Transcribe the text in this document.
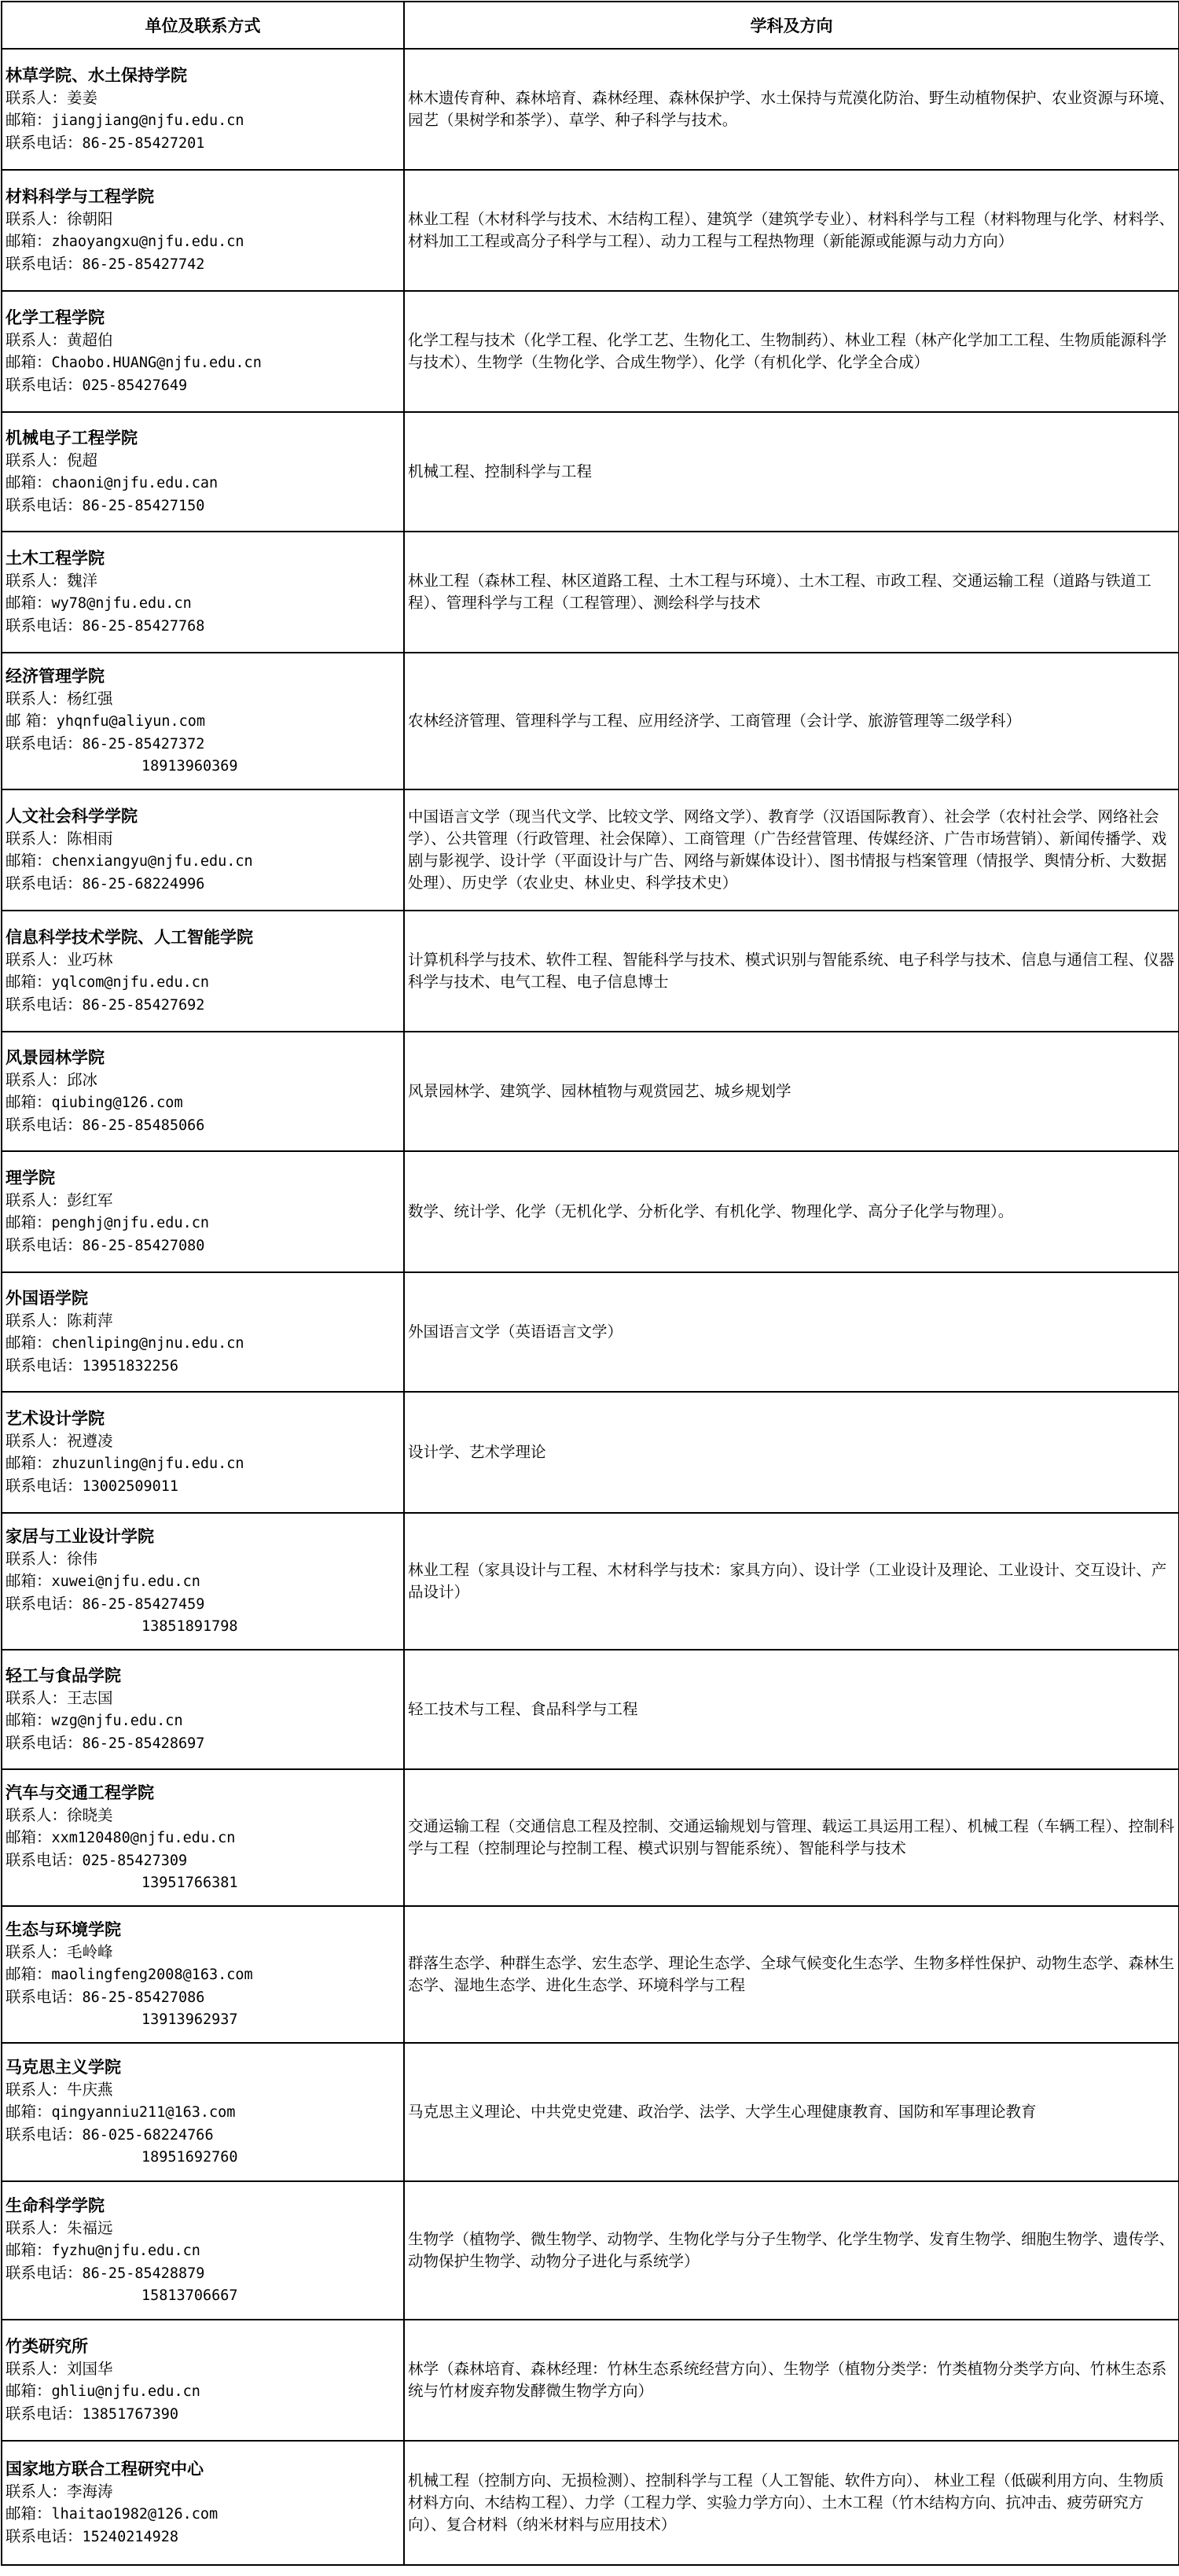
单位及联系方式	学科及方向

林草学院、水土保持学院
联系人：姜姜
邮箱：jiangjiang@njfu.edu.cn
联系电话：86-25-85427201	林木遗传育种、森林培育、森林经理、森林保护学、水土保持与荒漠化防治、野生动植物保护、农业资源与环境、园艺（果树学和茶学）、草学、种子科学与技术。

材料科学与工程学院
联系人：徐朝阳
邮箱：zhaoyangxu@njfu.edu.cn
联系电话：86-25-85427742	林业工程（木材科学与技术、木结构工程）、建筑学（建筑学专业）、材料科学与工程（材料物理与化学、材料学、材料加工工程或高分子科学与工程）、动力工程与工程热物理（新能源或能源与动力方向）

化学工程学院
联系人：黄超伯
邮箱：Chaobo.HUANG@njfu.edu.cn
联系电话：025-85427649	化学工程与技术（化学工程、化学工艺、生物化工、生物制药）、林业工程（林产化学加工工程、生物质能源科学与技术）、生物学（生物化学、合成生物学）、化学（有机化学、化学全合成）

机械电子工程学院
联系人：倪超
邮箱：chaoni@njfu.edu.can
联系电话：86-25-85427150	机械工程、控制科学与工程

土木工程学院
联系人：魏洋
邮箱：wy78@njfu.edu.cn
联系电话：86-25-85427768	林业工程（森林工程、林区道路工程、土木工程与环境）、土木工程、市政工程、交通运输工程（道路与铁道工程）、管理科学与工程（工程管理）、测绘科学与技术

经济管理学院
联系人：杨红强
邮 箱：yhqnfu@aliyun.com
联系电话：86-25-85427372
18913960369	农林经济管理、管理科学与工程、应用经济学、工商管理（会计学、旅游管理等二级学科）

人文社会科学学院
联系人：陈相雨
邮箱：chenxiangyu@njfu.edu.cn
联系电话：86-25-68224996	中国语言文学（现当代文学、比较文学、网络文学）、教育学（汉语国际教育）、社会学（农村社会学、网络社会学）、公共管理（行政管理、社会保障）、工商管理（广告经营管理、传媒经济、广告市场营销）、新闻传播学、戏剧与影视学、设计学（平面设计与广告、网络与新媒体设计）、图书情报与档案管理（情报学、舆情分析、大数据处理）、历史学（农业史、林业史、科学技术史）

信息科学技术学院、人工智能学院
联系人：业巧林
邮箱：yqlcom@njfu.edu.cn
联系电话：86-25-85427692	计算机科学与技术、软件工程、智能科学与技术、模式识别与智能系统、电子科学与技术、信息与通信工程、仪器科学与技术、电气工程、电子信息博士

风景园林学院
联系人：邱冰
邮箱：qiubing@126.com
联系电话：86-25-85485066	风景园林学、建筑学、园林植物与观赏园艺、城乡规划学

理学院
联系人：彭红军
邮箱：penghj@njfu.edu.cn
联系电话：86-25-85427080	数学、统计学、化学（无机化学、分析化学、有机化学、物理化学、高分子化学与物理）。

外国语学院
联系人：陈莉萍
邮箱：chenliping@njnu.edu.cn
联系电话：13951832256	外国语言文学（英语语言文学）

艺术设计学院
联系人：祝遵凌
邮箱：zhuzunling@njfu.edu.cn
联系电话：13002509011	设计学、艺术学理论

家居与工业设计学院
联系人：徐伟
邮箱：xuwei@njfu.edu.cn
联系电话：86-25-85427459
13851891798	林业工程（家具设计与工程、木材科学与技术：家具方向）、设计学（工业设计及理论、工业设计、交互设计、产品设计）

轻工与食品学院
联系人：王志国
邮箱：wzg@njfu.edu.cn
联系电话：86-25-85428697	轻工技术与工程、食品科学与工程

汽车与交通工程学院
联系人：徐晓美
邮箱：xxm120480@njfu.edu.cn
联系电话：025-85427309
13951766381	交通运输工程（交通信息工程及控制、交通运输规划与管理、载运工具运用工程）、机械工程（车辆工程）、控制科学与工程（控制理论与控制工程、模式识别与智能系统）、智能科学与技术

生态与环境学院
联系人：毛岭峰
邮箱：maolingfeng2008@163.com
联系电话：86-25-85427086
13913962937	群落生态学、种群生态学、宏生态学、理论生态学、全球气候变化生态学、生物多样性保护、动物生态学、森林生态学、湿地生态学、进化生态学、环境科学与工程

马克思主义学院
联系人：牛庆燕
邮箱：qingyanniu211@163.com
联系电话：86-025-68224766
18951692760	马克思主义理论、中共党史党建、政治学、法学、大学生心理健康教育、国防和军事理论教育

生命科学学院
联系人：朱福远
邮箱：fyzhu@njfu.edu.cn
联系电话：86-25-85428879
15813706667	生物学（植物学、微生物学、动物学、生物化学与分子生物学、化学生物学、发育生物学、细胞生物学、遗传学、动物保护生物学、动物分子进化与系统学）

竹类研究所
联系人：刘国华
邮箱：ghliu@njfu.edu.cn
联系电话：13851767390	林学（森林培育、森林经理：竹林生态系统经营方向）、生物学（植物分类学：竹类植物分类学方向、竹林生态系统与竹材废弃物发酵微生物学方向）

国家地方联合工程研究中心
联系人：李海涛
邮箱：lhaitao1982@126.com
联系电话：15240214928	机械工程（控制方向、无损检测）、控制科学与工程（人工智能、软件方向）、 林业工程（低碳利用方向、生物质材料方向、木结构工程）、力学（工程力学、实验力学方向）、土木工程（竹木结构方向、抗冲击、疲劳研究方向）、复合材料（纳米材料与应用技术）
